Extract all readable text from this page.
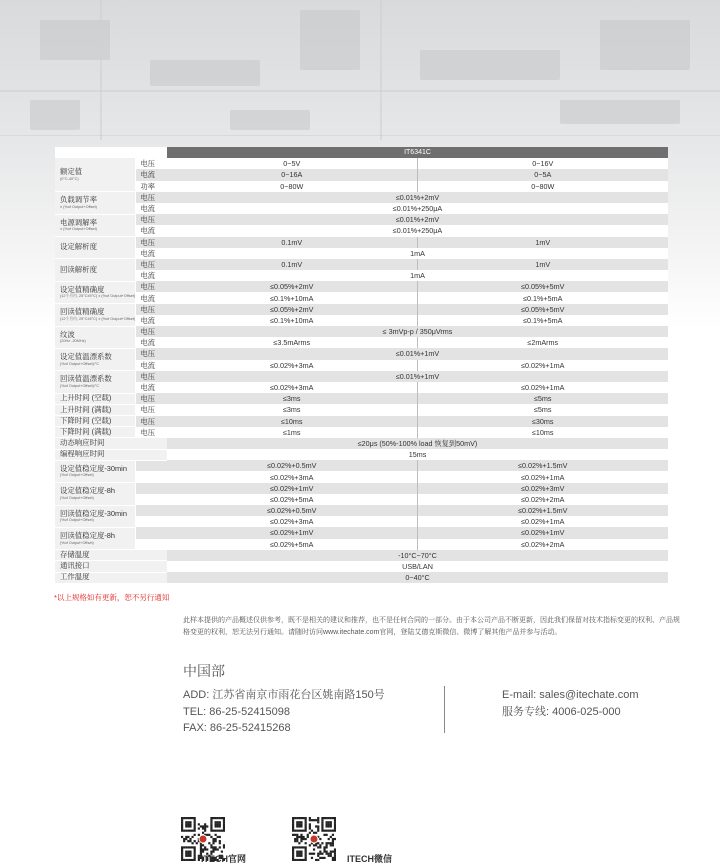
		IT6341C	
额定值
(0°C-40°C)	电压	0~5V	0~16V
	电流	0~16A	0~5A
	功率	0~80W	0~80W
负载调节率
± (%of Output+Offset)	电压	≤0.01%+2mV	
	电流	≤0.01%+250μA	
电源调解率
± (%of Output+Offset)	电压	≤0.01%+2mV	
	电流	≤0.01%+250μA	
设定解析度	电压	0.1mV	1mV
	电流	1mA	
回读解析度	电压	0.1mV	1mV
	电流	1mA	
设定值精确度
(12个月内, 25°C±5°C) ± (%of Output+Offset)	电压	≤0.05%+2mV	≤0.05%+5mV
	电流	≤0.1%+10mA	≤0.1%+5mA
回读值精确度
(12个月内, 25°C±5°C) ± (%of Output+Offset)	电压	≤0.05%+2mV	≤0.05%+5mV
	电流	≤0.1%+10mA	≤0.1%+5mA
纹波
(20Hz -20MHz)	电压	≤ 3mVp-p / 350μVrms	
	电流	≤3.5mArms	≤2mArms
设定值温漂系数
(%of Output+Offset)/°C	电压	≤0.01%+1mV	
	电流	≤0.02%+3mA	≤0.02%+1mA
回读值温漂系数
(%of Output+Offset)/°C	电压	≤0.01%+1mV	
	电流	≤0.02%+3mA	≤0.02%+1mA
上升时间 (空载)	电压	≤3ms	≤5ms
上升时间 (满载)	电压	≤3ms	≤5ms
下降时间 (空载)	电压	≤10ms	≤30ms
下降时间 (满载)	电压	≤1ms	≤10ms
动态响应时间		≤20μs (50%-100% load 恢复到50mV)	
编程响应时间		15ms	
设定值稳定度-30min
(%of Output+Offset)		≤0.02%+0.5mV	≤0.02%+1.5mV
		≤0.02%+3mA	≤0.02%+1mA
设定值稳定度-8h
(%of Output+Offset)		≤0.02%+1mV	≤0.02%+3mV
		≤0.02%+5mA	≤0.02%+2mA
回读值稳定度-30min
(%of Output+Offset)		≤0.02%+0.5mV	≤0.02%+1.5mV
		≤0.02%+3mA	≤0.02%+1mA
回读值稳定度-8h
(%of Output+Offset)		≤0.02%+1mV	≤0.02%+1mV
		≤0.02%+5mA	≤0.02%+2mA
存储温度		-10°C~70°C	
通讯接口		USB/LAN	
工作温度		0~40°C	
*以上规格如有更新，恕不另行通知
此样本提供的产品概述仅供参考，既不是相关的建议和推荐，也不是任何合同的一部分。由于本公司产品不断更新，因此我们保留对技术指标变更的权利、产品规格变更的权利，恕无法另行通知。请随时访问www.itechate.com官网，登陆艾德克斯微信、微博了解其他产品并参与活动。
中国部
ADD: 江苏省南京市雨花台区姚南路150号
TEL: 86-25-52415098
FAX: 86-25-52415268
E-mail: sales@itechate.com
服务专线: 4006-025-000
ITECH官网	ITECH微信
